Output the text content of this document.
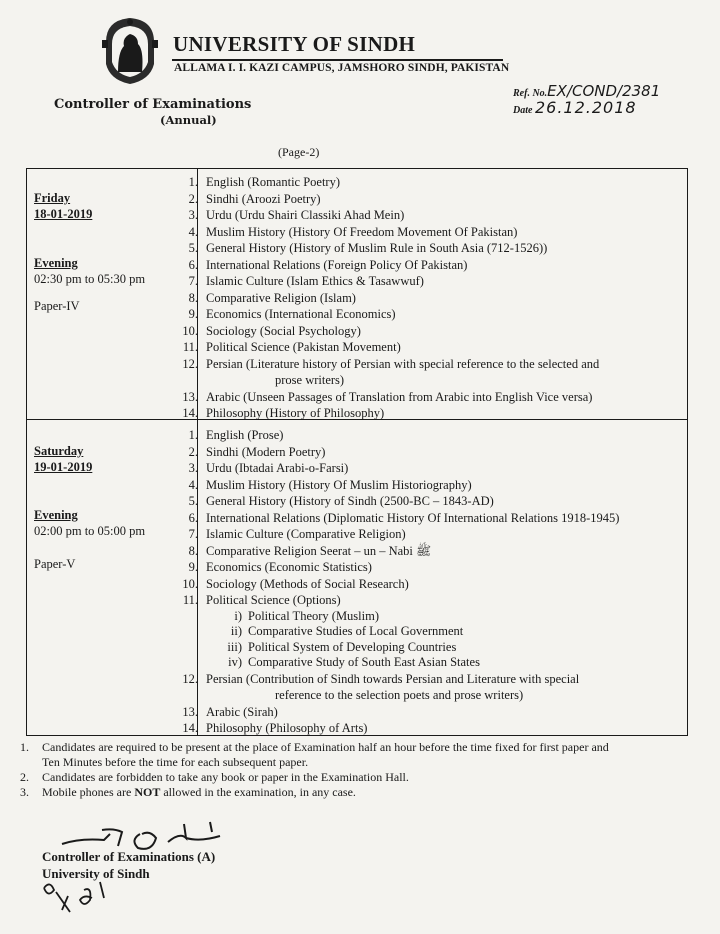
UNIVERSITY OF SINDH
ALLAMA I. I. KAZI CAMPUS, JAMSHORO SINDH, PAKISTAN
Controller of Examinations
(Annual)
Ref. No.EX/COND/2381
Date 26.12.2018
(Page-2)
Friday
18-01-2019
Evening
02:30 pm to 05:30 pm
Paper-IV
1. English (Romantic Poetry)
2. Sindhi (Aroozi Poetry)
3. Urdu (Urdu Shairi Classiki Ahad Mein)
4. Muslim History (History Of Freedom Movement Of Pakistan)
5. General History (History of Muslim Rule in South Asia (712-1526))
6. International Relations (Foreign Policy Of Pakistan)
7. Islamic Culture (Islam Ethics & Tasawwuf)
8. Comparative Religion (Islam)
9. Economics (International Economics)
10. Sociology (Social Psychology)
11. Political Science (Pakistan Movement)
12. Persian (Literature history of Persian with special reference to the selected and
prose writers)
13. Arabic (Unseen Passages of Translation from Arabic into English Vice versa)
14. Philosophy (History of Philosophy)
Saturday
19-01-2019
Evening
02:00 pm to 05:00 pm
Paper-V
1. English (Prose)
2. Sindhi (Modern Poetry)
3. Urdu (Ibtadai Arabi-o-Farsi)
4. Muslim History (History Of Muslim Historiography)
5. General History (History of Sindh (2500-BC – 1843-AD)
6. International Relations (Diplomatic History Of International Relations 1918-1945)
7. Islamic Culture (Comparative Religion)
8. Comparative Religion Seerat – un – Nabi ﷺ
9. Economics (Economic Statistics)
10. Sociology (Methods of Social Research)
11. Political Science (Options)
i) Political Theory (Muslim)
ii) Comparative Studies of Local Government
iii) Political System of Developing Countries
iv) Comparative Study of South East Asian States
12. Persian (Contribution of Sindh towards Persian and Literature with special
reference to the selection poets and prose writers)
13. Arabic (Sirah)
14. Philosophy (Philosophy of Arts)
1. Candidates are required to be present at the place of Examination half an hour before the time fixed for first paper and
Ten Minutes before the time for each subsequent paper.
2. Candidates are forbidden to take any book or paper in the Examination Hall.
3. Mobile phones are NOT allowed in the examination, in any case.
Controller of Examinations (A)
University of Sindh
